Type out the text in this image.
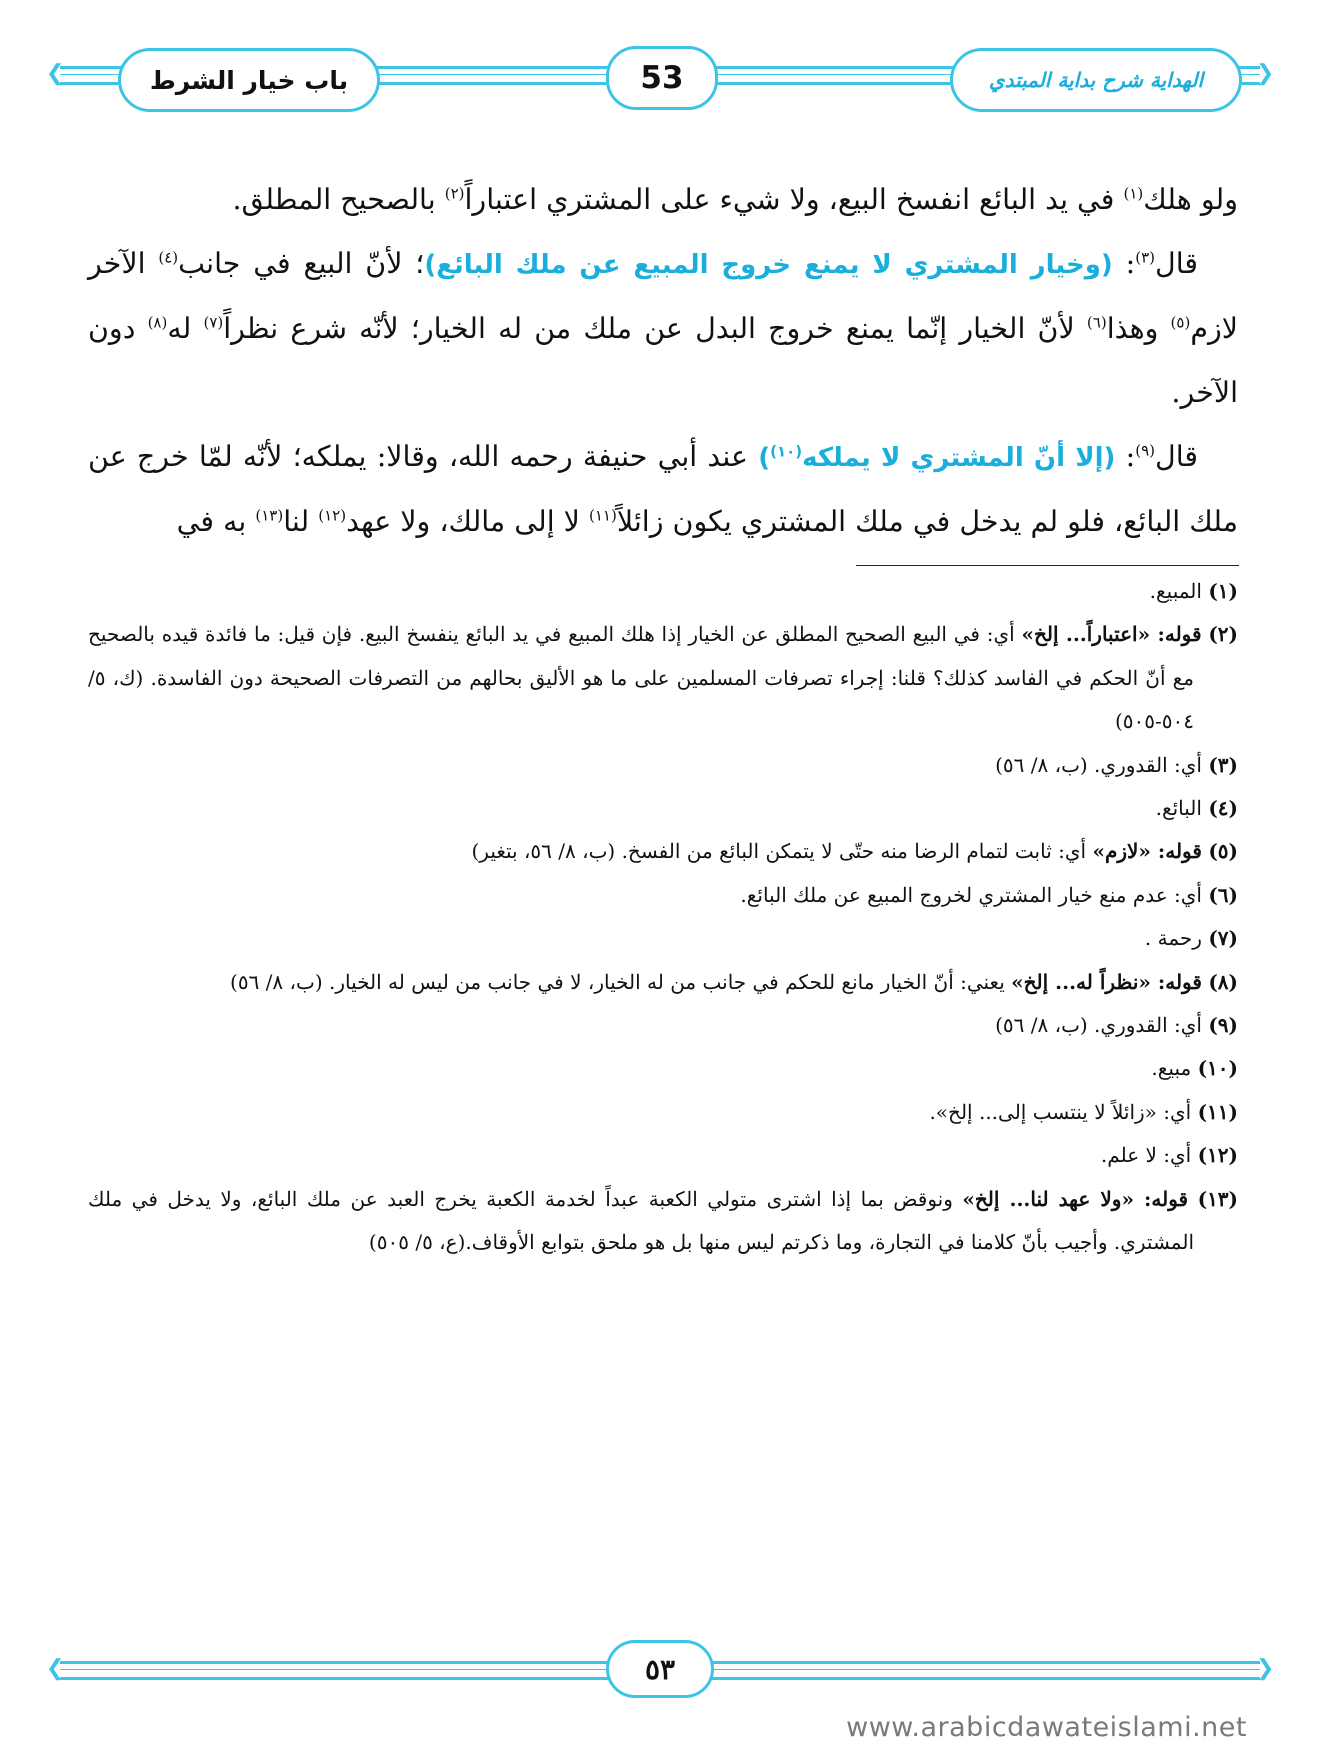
❮	❯
باب خيار الشرط	53	الهداية شرح بداية المبتدي

ولو هلك$^{(١)}$ في يد البائع انفسخ البيع، ولا شيء على المشتري اعتباراً$^{(٢)}$ بالصحيح المطلق.

قال$^{(٣)}$: (وخيار المشتري لا يمنع خروج المبيع عن ملك البائع)؛ لأنّ البيع في جانب$^{(٤)}$ الآخر لازم$^{(٥)}$ وهذا$^{(٦)}$ لأنّ الخيار إنّما يمنع خروج البدل عن ملك من له الخيار؛ لأنّه شرع نظراً$^{(٧)}$ له$^{(٨)}$ دون الآخر.

قال$^{(٩)}$: (إلا أنّ المشتري لا يملكه$^{(١٠)}$) عند أبي حنيفة رحمه الله، وقالا: يملكه؛ لأنّه لمّا خرج عن ملك البائع، فلو لم يدخل في ملك المشتري يكون زائلاً$^{(١١)}$ لا إلى مالك، ولا عهد$^{(١٢)}$ لنا$^{(١٣)}$ به في

(١) المبيع.

(٢) قوله: «اعتباراً... إلخ» أي: في البيع الصحيح المطلق عن الخيار إذا هلك المبيع في يد البائع ينفسخ البيع. فإن قيل: ما فائدة قيده بالصحيح مع أنّ الحكم في الفاسد كذلك؟ قلنا: إجراء تصرفات المسلمين على ما هو الأليق بحالهم من التصرفات الصحيحة دون الفاسدة. (ك، ٥/ ٥٠٤-٥٠٥)

(٣) أي: القدوري. (ب، ٨/ ٥٦)

(٤) البائع.

(٥) قوله: «لازم» أي: ثابت لتمام الرضا منه حتّى لا يتمكن البائع من الفسخ. (ب، ٨/ ٥٦، بتغير)

(٦) أي: عدم منع خيار المشتري لخروج المبيع عن ملك البائع.

(٧) رحمة .

(٨) قوله: «نظراً له... إلخ» يعني: أنّ الخيار مانع للحكم في جانب من له الخيار، لا في جانب من ليس له الخيار. (ب، ٨/ ٥٦)

(٩) أي: القدوري. (ب، ٨/ ٥٦)

(١٠) مبيع.

(١١) أي: «زائلاً لا ينتسب إلى... إلخ».

(١٢) أي: لا علم.

(١٣) قوله: «ولا عهد لنا... إلخ» ونوقض بما إذا اشترى متولي الكعبة عبداً لخدمة الكعبة يخرج العبد عن ملك البائع، ولا يدخل في ملك المشتري. وأجيب بأنّ كلامنا في التجارة، وما ذكرتم ليس منها بل هو ملحق بتوابع الأوقاف.(ع، ٥/ ٥٠٥)

❮	❯
٥٣
www.arabicdawateislami.net
